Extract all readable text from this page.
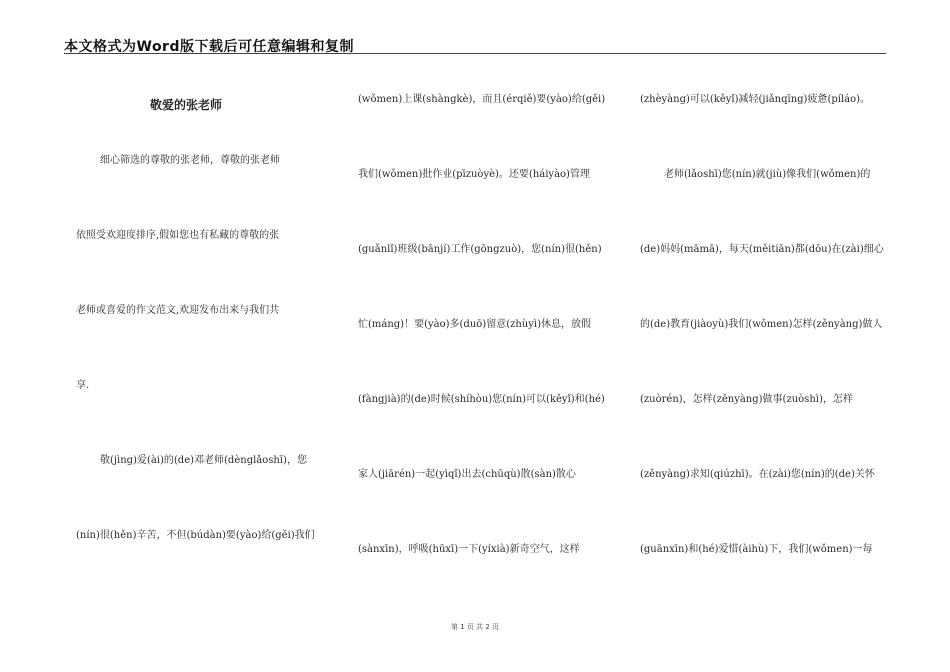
本文格式为Word版下载后可任意编辑和复制
敬爱的张老师
细心筛选的尊敬的张老师，尊敬的张老师
依照受欢迎度排序,假如您也有私藏的尊敬的张
老师或喜爱的作文范文,欢迎发布出来与我们共
享.
敬(jìng)爱(ài)的(de)邓老师(dènglǎoshī)，您
(nín)很(hěn)辛苦，不但(búdàn)要(yào)给(gěi)我们
(wǒmen)上课(shàngkè)，而且(érqiě)要(yào)给(gěi)
我们(wǒmen)批作业(pīzuòyè)。还要(háiyào)管理
(guǎnlǐ)班级(bānjí)工作(gōngzuò)，您(nín)很(hěn)
忙(máng)！要(yào)多(duō)留意(zhùyì)休息，放假
(fàngjià)的(de)时候(shíhòu)您(nín)可以(kěyǐ)和(hé)
家人(jiārén)一起(yìqǐ)出去(chūqù)散(sàn)散心
(sànxīn)，呼吸(hūxī)一下(yíxià)新奇空气，这样
(zhèyàng)可以(kěyǐ)减轻(jiǎnqīng)疲惫(píláo)。
老师(lǎoshī)您(nín)就(jiù)像我们(wǒmen)的
(de)妈妈(māmā)，每天(měitiān)都(dōu)在(zài)细心
的(de)教育(jiàoyù)我们(wǒmen)怎样(zěnyàng)做人
(zuòrén)，怎样(zěnyàng)做事(zuòshì)，怎样
(zěnyàng)求知(qiúzhī)。在(zài)您(nín)的(de)关怀
(guānxīn)和(hé)爱惜(àihù)下，我们(wǒmen)一每
第 1 页 共 2 页
